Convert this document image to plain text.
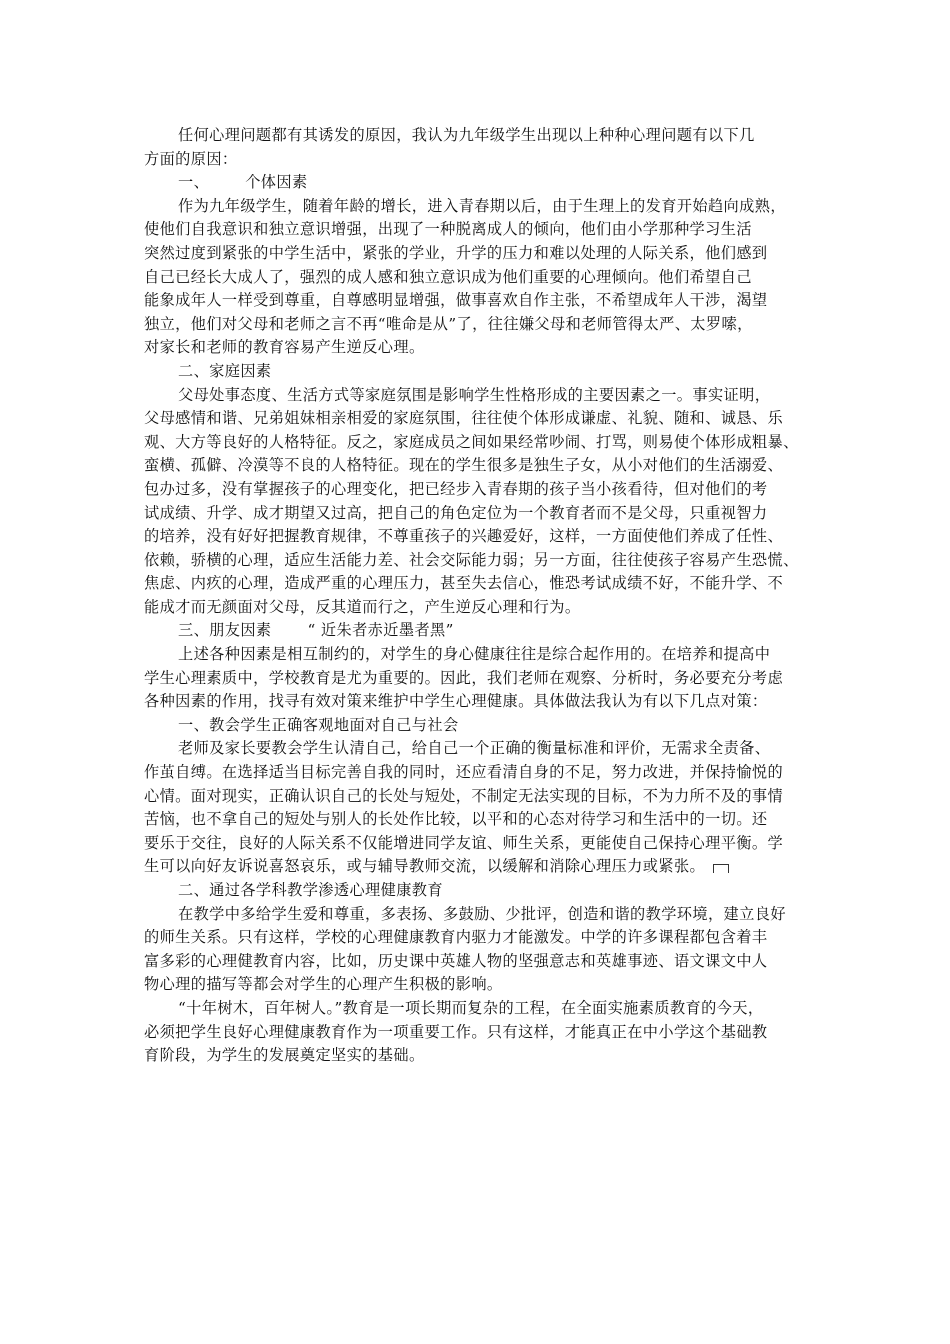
任何心理问题都有其诱发的原因，我认为九年级学生出现以上种种心理问题有以下几
方面的原因：
一、 个体因素
作为九年级学生，随着年龄的增长，进入青春期以后，由于生理上的发育开始趋向成熟，
使他们自我意识和独立意识增强，出现了一种脱离成人的倾向，他们由小学那种学习生活
突然过度到紧张的中学生活中，紧张的学业，升学的压力和难以处理的人际关系，他们感到
自己已经长大成人了，强烈的成人感和独立意识成为他们重要的心理倾向。他们希望自己
能象成年人一样受到尊重，自尊感明显增强，做事喜欢自作主张，不希望成年人干涉，渴望
独立，他们对父母和老师之言不再“唯命是从”了，往往嫌父母和老师管得太严、太罗嗦，
对家长和老师的教育容易产生逆反心理。
二、家庭因素
父母处事态度、生活方式等家庭氛围是影响学生性格形成的主要因素之一。事实证明，
父母感情和谐、兄弟姐妹相亲相爱的家庭氛围，往往使个体形成谦虚、礼貌、随和、诚恳、乐
观、大方等良好的人格特征。反之，家庭成员之间如果经常吵闹、打骂，则易使个体形成粗暴、
蛮横、孤僻、冷漠等不良的人格特征。现在的学生很多是独生子女，从小对他们的生活溺爱、
包办过多，没有掌握孩子的心理变化，把已经步入青春期的孩子当小孩看待，但对他们的考
试成绩、升学、成才期望又过高，把自己的角色定位为一个教育者而不是父母，只重视智力
的培养，没有好好把握教育规律，不尊重孩子的兴趣爱好，这样，一方面使他们养成了任性、
依赖，骄横的心理，适应生活能力差、社会交际能力弱；另一方面，往往使孩子容易产生恐慌、
焦虑、内疚的心理，造成严重的心理压力，甚至失去信心，惟恐考试成绩不好，不能升学、不
能成才而无颜面对父母，反其道而行之，产生逆反心理和行为。
三、朋友因素 “ 近朱者赤近墨者黑”
上述各种因素是相互制约的，对学生的身心健康往往是综合起作用的。在培养和提高中
学生心理素质中，学校教育是尤为重要的。因此，我们老师在观察、分析时，务必要充分考虑
各种因素的作用，找寻有效对策来维护中学生心理健康。具体做法我认为有以下几点对策：
一、教会学生正确客观地面对自己与社会
老师及家长要教会学生认清自己，给自己一个正确的衡量标准和评价，无需求全责备、
作茧自缚。在选择适当目标完善自我的同时，还应看清自身的不足，努力改进，并保持愉悦的
心情。面对现实，正确认识自己的长处与短处，不制定无法实现的目标，不为力所不及的事情
苦恼，也不拿自己的短处与别人的长处作比较，以平和的心态对待学习和生活中的一切。还
要乐于交往，良好的人际关系不仅能增进同学友谊、师生关系，更能使自己保持心理平衡。学
生可以向好友诉说喜怒哀乐，或与辅导教师交流，以缓解和消除心理压力或紧张。
二、通过各学科教学渗透心理健康教育
在教学中多给学生爱和尊重，多表扬、多鼓励、少批评，创造和谐的教学环境，建立良好
的师生关系。只有这样，学校的心理健康教育内驱力才能激发。中学的许多课程都包含着丰
富多彩的心理健教育内容，比如，历史课中英雄人物的坚强意志和英雄事迹、语文课文中人
物心理的描写等都会对学生的心理产生积极的影响。
“十年树木，百年树人。”教育是一项长期而复杂的工程，在全面实施素质教育的今天，
必须把学生良好心理健康教育作为一项重要工作。只有这样，才能真正在中小学这个基础教
育阶段，为学生的发展奠定坚实的基础。
